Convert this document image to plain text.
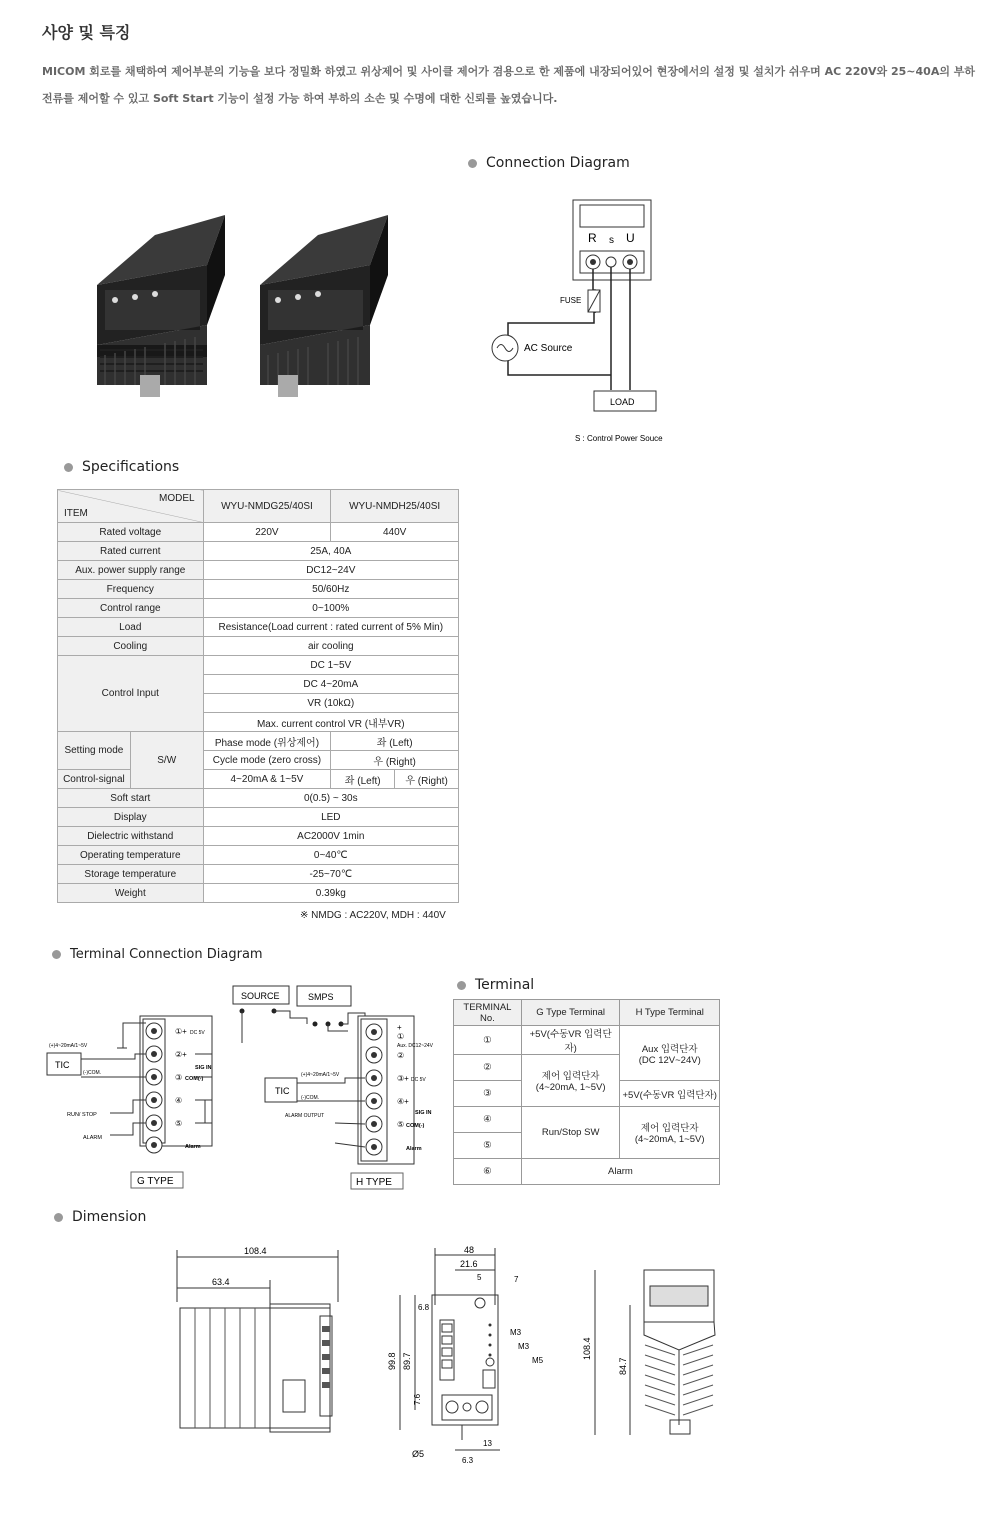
사양 및 특징
MICOM 회로를 채택하여 제어부분의 기능을 보다 정밀화 하였고 위상제어 및 사이클 제어가 겸용으로 한 제품에 내장되어있어 현장에서의 설정 및 설치가 쉬우며 AC 220V와 25~40A의 부하 전류를 제어할 수 있고 Soft Start 기능이 설정 가능 하여 부하의 소손 및 수명에 대한 신뢰를 높였습니다.
Connection Diagram
R s U
FUSE
AC Source
LOAD
S : Control Power Souce
Specifications
MODEL
ITEM		WYU-NMDG25/40SI	WYU-NMDH25/40SI	
Rated voltage		220V	440V	
Rated current		25A, 40A		
Aux. power supply range		DC12~24V		
Frequency		50/60Hz		
Control range		0~100%		
Load		Resistance(Load current : rated current of 5% Min)		
Cooling		air cooling		
Control Input		DC 1~5V		
		DC 4~20mA		
		VR (10kΩ)		
		Max. current control VR (내부VR)		
Setting mode	S/W	Phase mode (위상제어)	좌 (Left)	
		Cycle mode (zero cross)	우 (Right)	
Control-signal		4~20mA & 1~5V	좌 (Left)	우 (Right)
Soft start		0(0.5) ~ 30s		
Display		LED		
Dielectric withstand		AC2000V 1min		
Operating temperature		0~40℃		
Storage temperature		-25~70℃		
Weight		0.39kg		
※ NMDG : AC220V, MDH : 440V
Terminal Connection Diagram
①+ DC 5V
②+
③ COM(-)
SIG IN
④
⑤
Alarm
TIC
(+)4~20mA/1~5V
(-)COM.
RUN/ STOP
ALARM
G TYPE
SOURCE	SMPS
+
①
②
Aux. DC12~24V
③+ DC 5V
④+
SIG IN
⑤ COM(-)
Alarm
TIC
(+)4~20mA/1~5V
(-)COM.
ALARM OUTPUT
H TYPE
Terminal
TERMINAL No.	G Type Terminal	H Type Terminal
①	+5V(수동VR 입력단자)	Aux 입력단자
(DC 12V~24V)
②	제어 입력단자
(4~20mA, 1~5V)	
③		+5V(수동VR 입력단자)
④	Run/Stop SW	제어 입력단자
(4~20mA, 1~5V)
⑤		
⑥	Alarm	
Dimension
108.4
63.4
48
21.6
5	7
6.8
99.8 89.7
7.6
M3
M3
M5
Ø5
13
6.3
108.4
84.7
